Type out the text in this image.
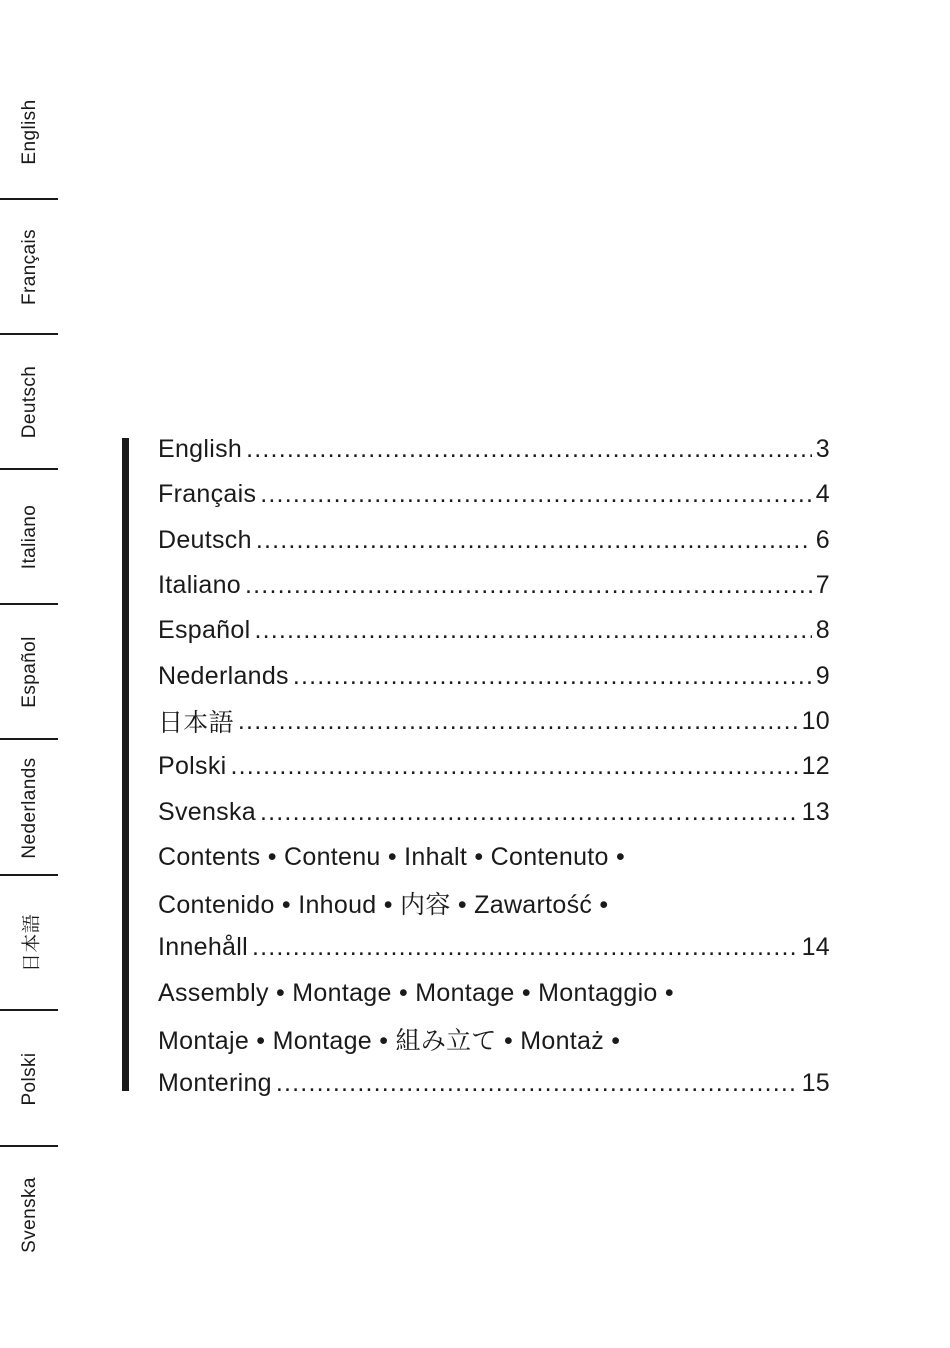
English
Français
Deutsch
Italiano
Español
Nederlands
日本語
Polski
Svenska
English .....	3
Français .....	4
Deutsch .....	6
Italiano .....	7
Español .....	8
Nederlands .....	9
日本語 .....	10
Polski .....	12
Svenska .....	13
Contents • Contenu • Inhalt • Contenuto •
Contenido • Inhoud • 内容 • Zawartość •
Innehåll .....	14
Assembly • Montage • Montage • Montaggio •
Montaje • Montage • 組み立て • Montaż •
Montering .....	15
